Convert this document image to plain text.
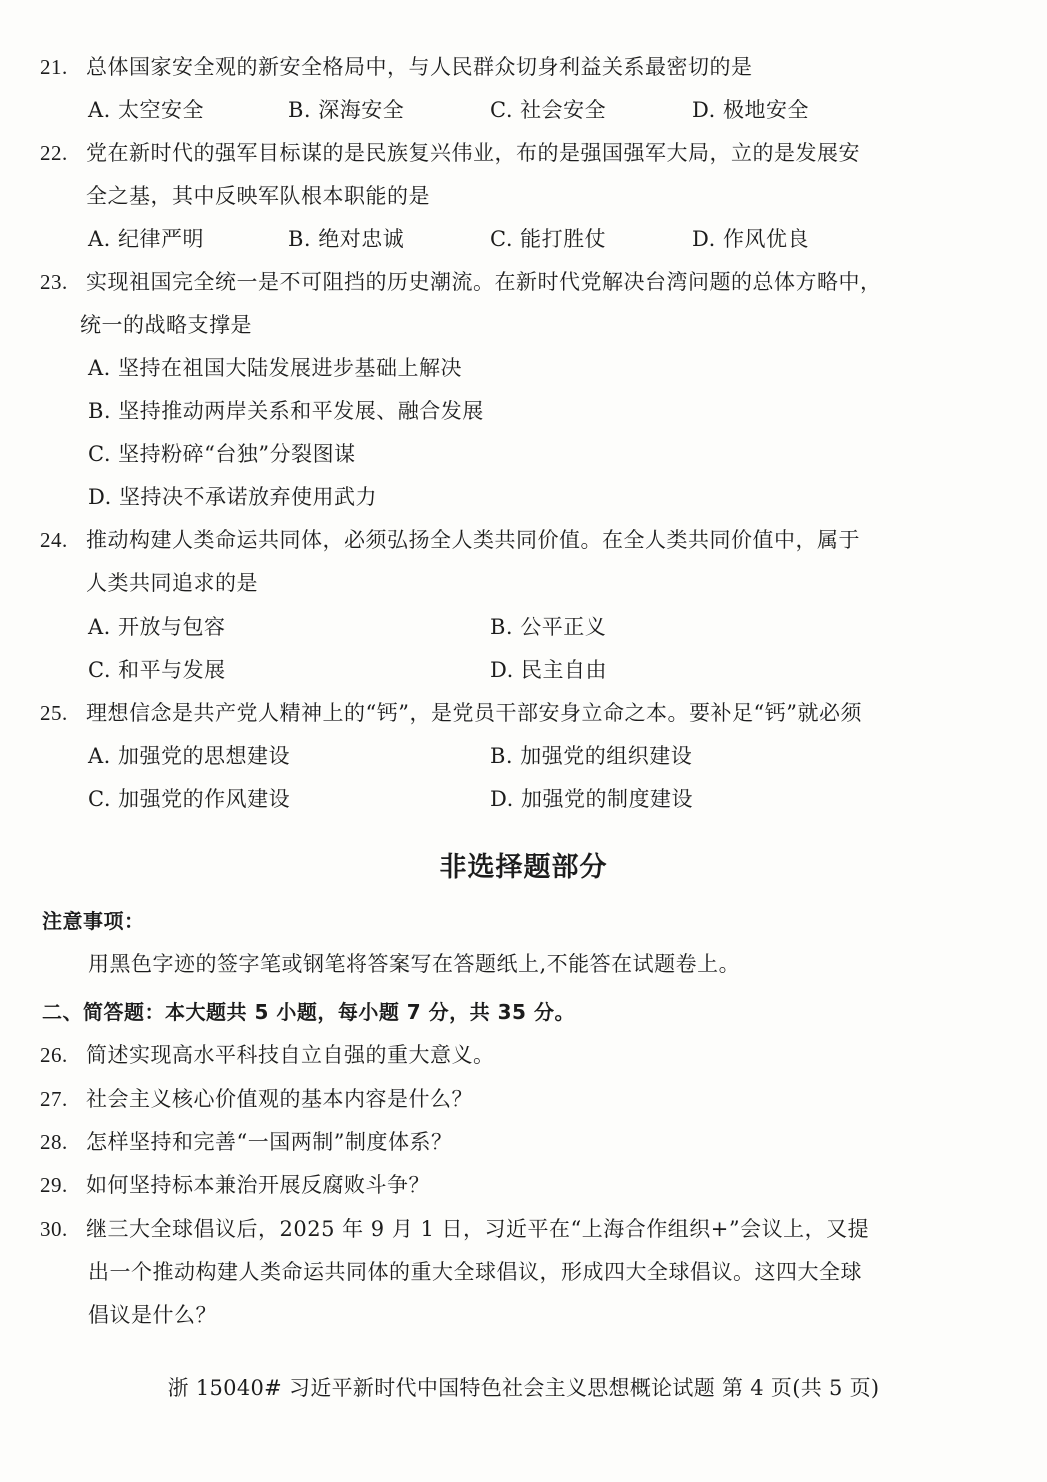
21. 总体国家安全观的新安全格局中，与人民群众切身利益关系最密切的是
A. 太空安全	B. 深海安全	C. 社会安全	D. 极地安全
22. 党在新时代的强军目标谋的是民族复兴伟业，布的是强国强军大局，立的是发展安
全之基，其中反映军队根本职能的是
A. 纪律严明	B. 绝对忠诚	C. 能打胜仗	D. 作风优良
23. 实现祖国完全统一是不可阻挡的历史潮流。在新时代党解决台湾问题的总体方略中，
统一的战略支撑是
A. 坚持在祖国大陆发展进步基础上解决
B. 坚持推动两岸关系和平发展、融合发展
C. 坚持粉碎“台独”分裂图谋
D. 坚持决不承诺放弃使用武力
24. 推动构建人类命运共同体，必须弘扬全人类共同价值。在全人类共同价值中，属于
人类共同追求的是
A. 开放与包容	B. 公平正义
C. 和平与发展	D. 民主自由
25. 理想信念是共产党人精神上的“钙”，是党员干部安身立命之本。要补足“钙”就必须
A. 加强党的思想建设	B. 加强党的组织建设
C. 加强党的作风建设	D. 加强党的制度建设
非选择题部分
注意事项：
用黑色字迹的签字笔或钢笔将答案写在答题纸上,不能答在试题卷上。
二、简答题：本大题共 5 小题，每小题 7 分，共 35 分。
26. 简述实现高水平科技自立自强的重大意义。
27. 社会主义核心价值观的基本内容是什么？
28. 怎样坚持和完善“一国两制”制度体系？
29. 如何坚持标本兼治开展反腐败斗争？
30. 继三大全球倡议后，2025 年 9 月 1 日，习近平在“上海合作组织+”会议上，又提
出一个推动构建人类命运共同体的重大全球倡议，形成四大全球倡议。这四大全球
倡议是什么？
浙 15040# 习近平新时代中国特色社会主义思想概论试题 第 4 页(共 5 页)
